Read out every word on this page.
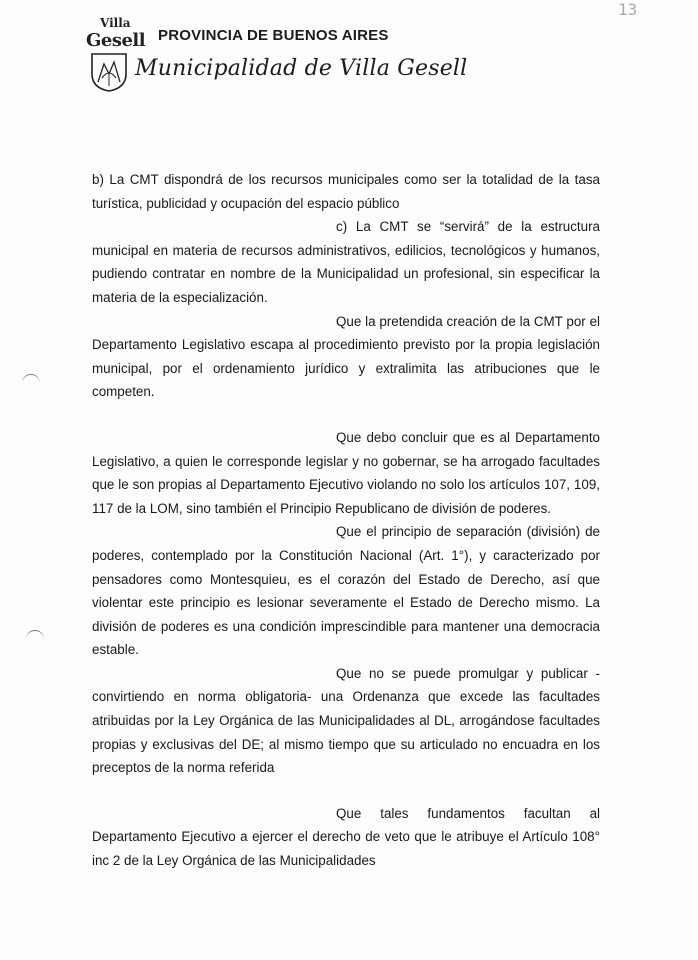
Villa
Gesell PROVINCIA DE BUENOS AIRES
Municipalidad de Villa Gesell
13

b) La CMT dispondrá de los recursos municipales como ser la totalidad de la tasa turística, publicidad y ocupación del espacio público

c) La CMT se “servirá” de la estructura municipal en materia de recursos administrativos, edilicios, tecnológicos y humanos, pudiendo contratar en nombre de la Municipalidad un profesional, sin especificar la materia de la especialización.

Que la pretendida creación de la CMT por el Departamento Legislativo escapa al procedimiento previsto por la propia legislación municipal, por el ordenamiento jurídico y extralimita las atribuciones que le competen.

Que debo concluir que es al Departamento Legislativo, a quien le corresponde legislar y no gobernar, se ha arrogado facultades que le son propias al Departamento Ejecutivo violando no solo los artículos 107, 109, 117 de la LOM, sino también el Principio Republicano de división de poderes.

Que el principio de separación (división) de poderes, contemplado por la Constitución Nacional (Art. 1°), y caracterizado por pensadores como Montesquieu, es el corazón del Estado de Derecho, así que violentar este principio es lesionar severamente el Estado de Derecho mismo. La división de poderes es una condición imprescindible para mantener una democracia estable.

Que no se puede promulgar y publicar -convirtiendo en norma obligatoria- una Ordenanza que excede las facultades atribuidas por la Ley Orgánica de las Municipalidades al DL, arrogándose facultades propias y exclusivas del DE; al mismo tiempo que su articulado no encuadra en los preceptos de la norma referida

Que tales fundamentos facultan al Departamento Ejecutivo a ejercer el derecho de veto que le atribuye el Artículo 108° inc 2 de la Ley Orgánica de las Municipalidades
